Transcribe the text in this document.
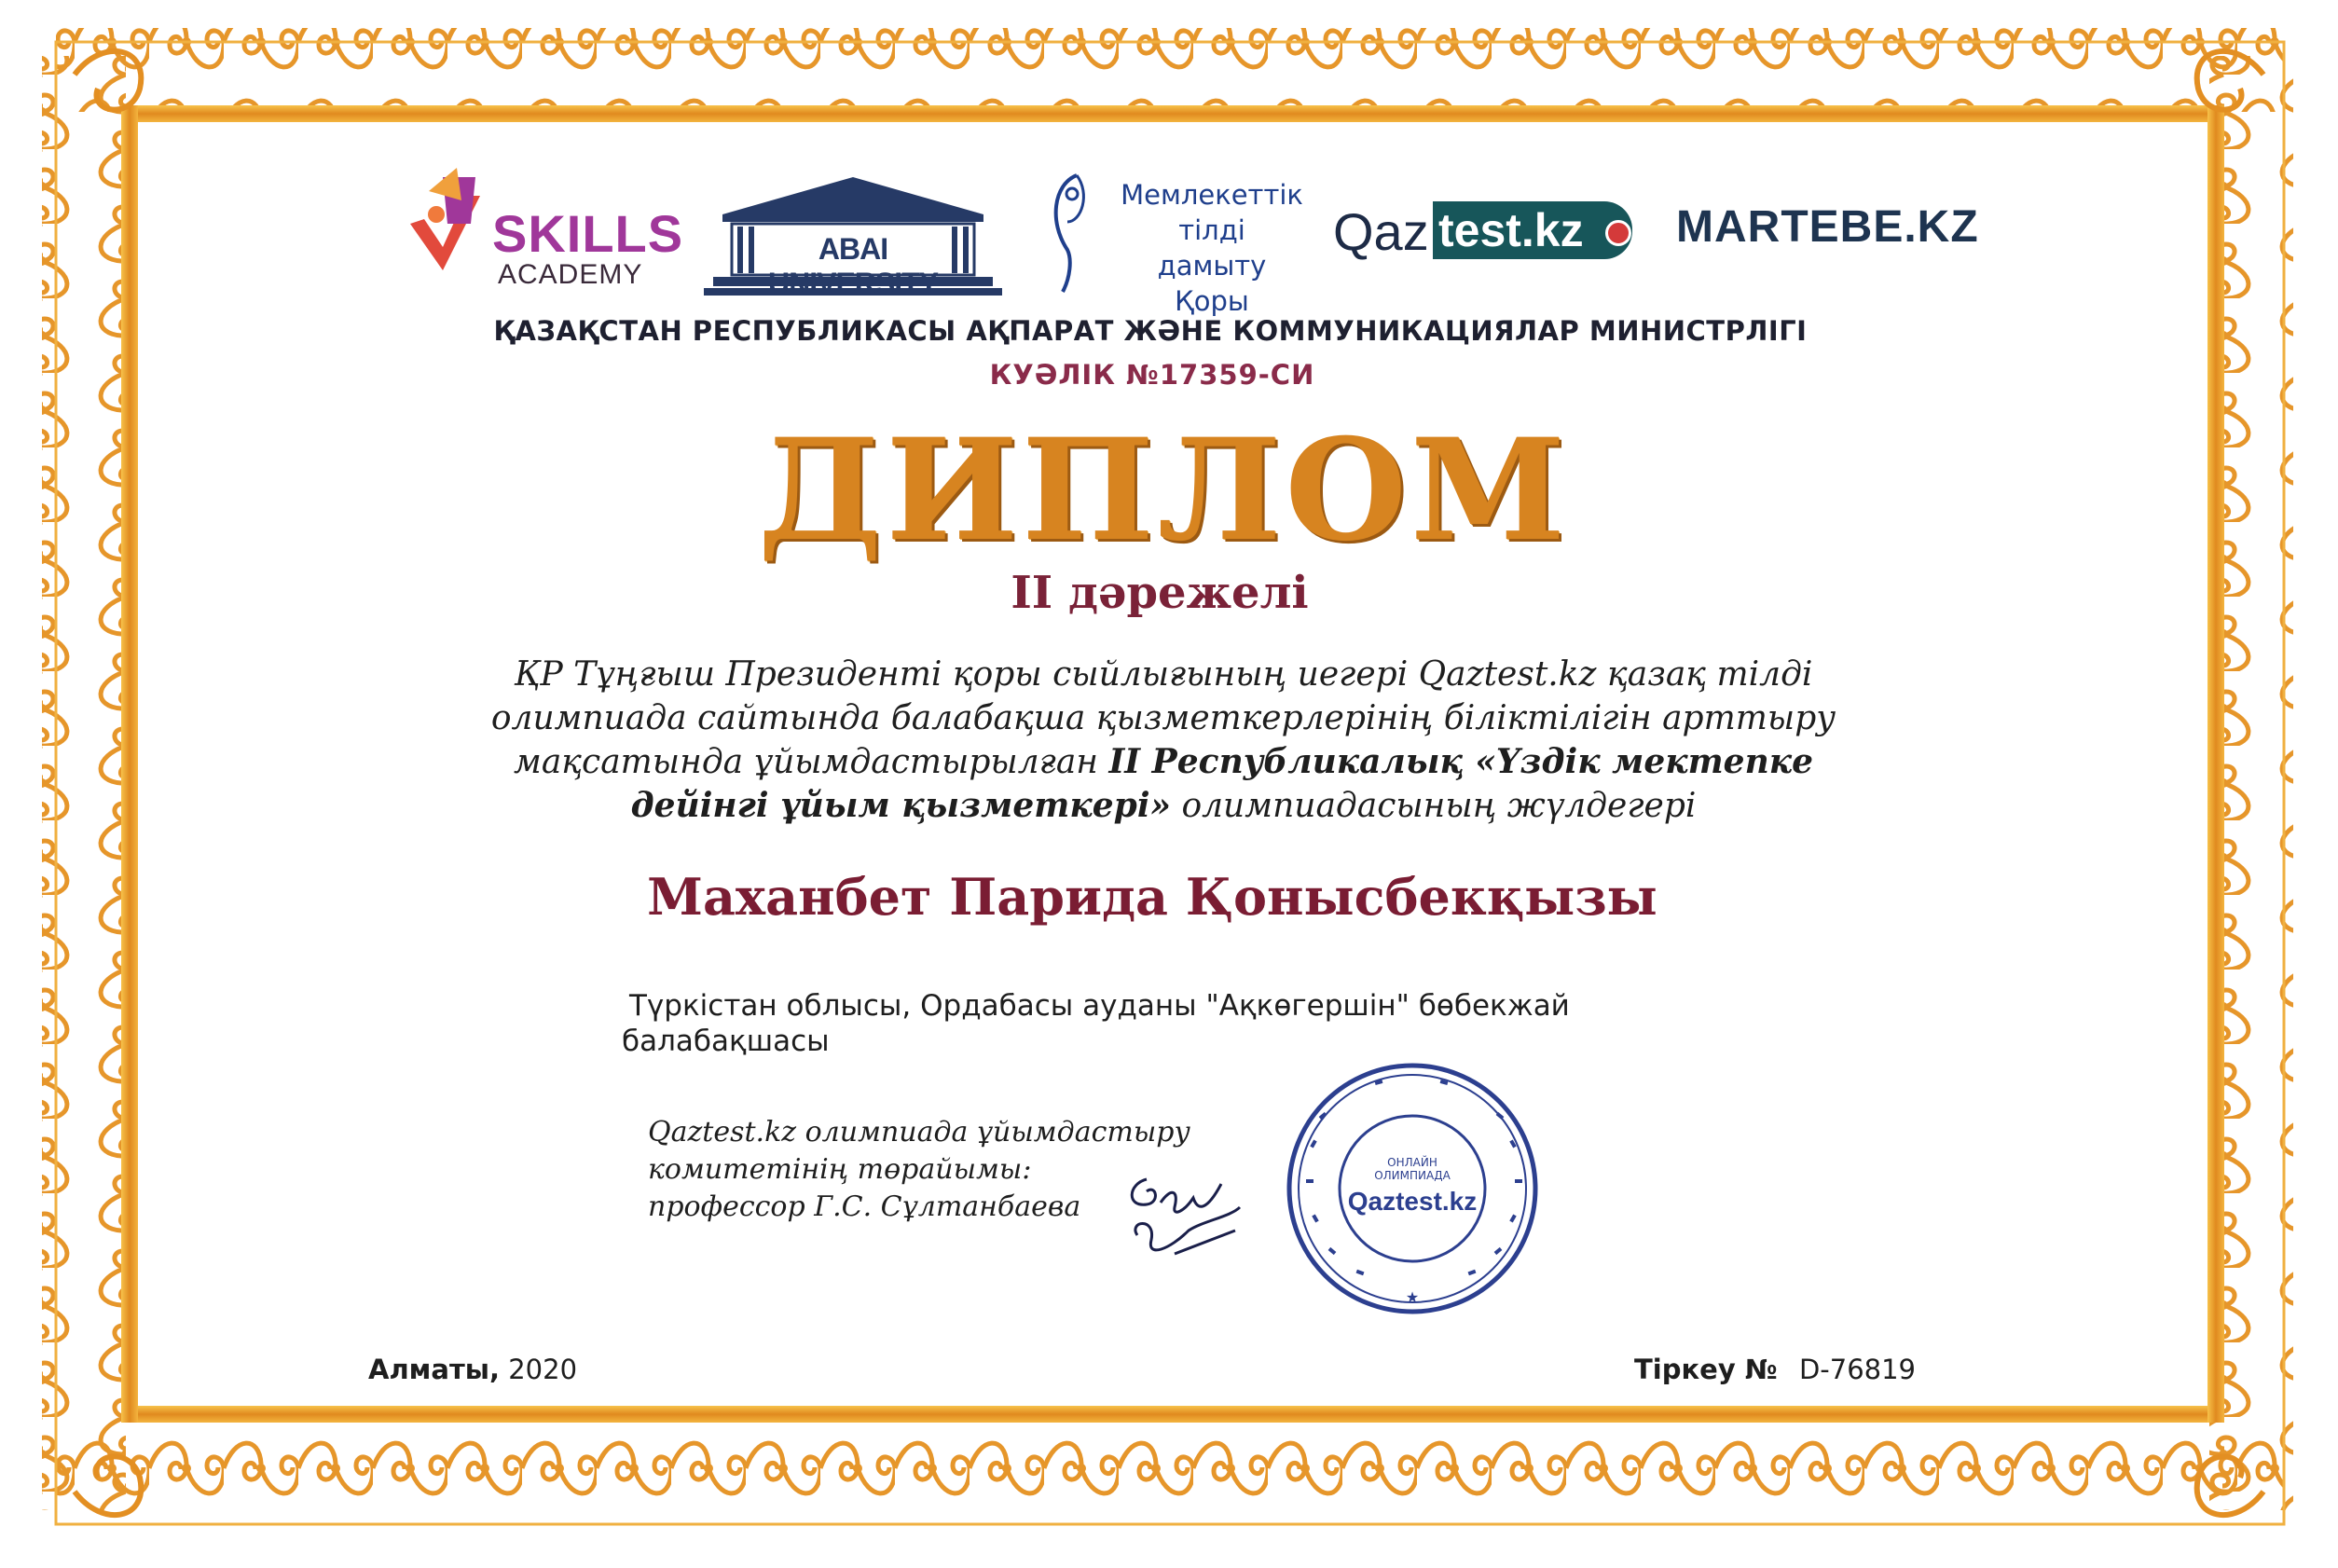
SKILLS
ACADEMY
ABAI UNIVERSITY
Мемлекеттік
тілді
дамыту Қоры
Qaz test.kz	MARTEBE.KZ
ҚАЗАҚСТАН РЕСПУБЛИКАСЫ АҚПАРАТ ЖӘНЕ КОММУНИКАЦИЯЛАР МИНИСТРЛІГІ
КУӘЛІК №17359-СИ
ДИПЛОМ
II дәрежелі
ҚР Тұңғыш Президенті қоры сыйлығының иегері Qaztest.kz қазақ тілді
олимпиада сайтында балабақша қызметкерлерінің біліктілігін арттыру
мақсатында ұйымдастырылған II Республикалық «Үздік мектепке
дейінгі ұйым қызметкері» олимпиадасының жүлдегері
Маханбет Парида Қонысбекқызы
Түркістан облысы, Ордабасы ауданы "Ақкөгершін" бөбекжай
балабақшасы
Qaztest.kz олимпиада ұйымдастыру
комитетінің төрайымы:
профессор Г.С. Сұлтанбаева
★
ОНЛАЙН
ОЛИМПИАДА
Qaztest.kz
Алматы, 2020	Тіркеу № D-76819
